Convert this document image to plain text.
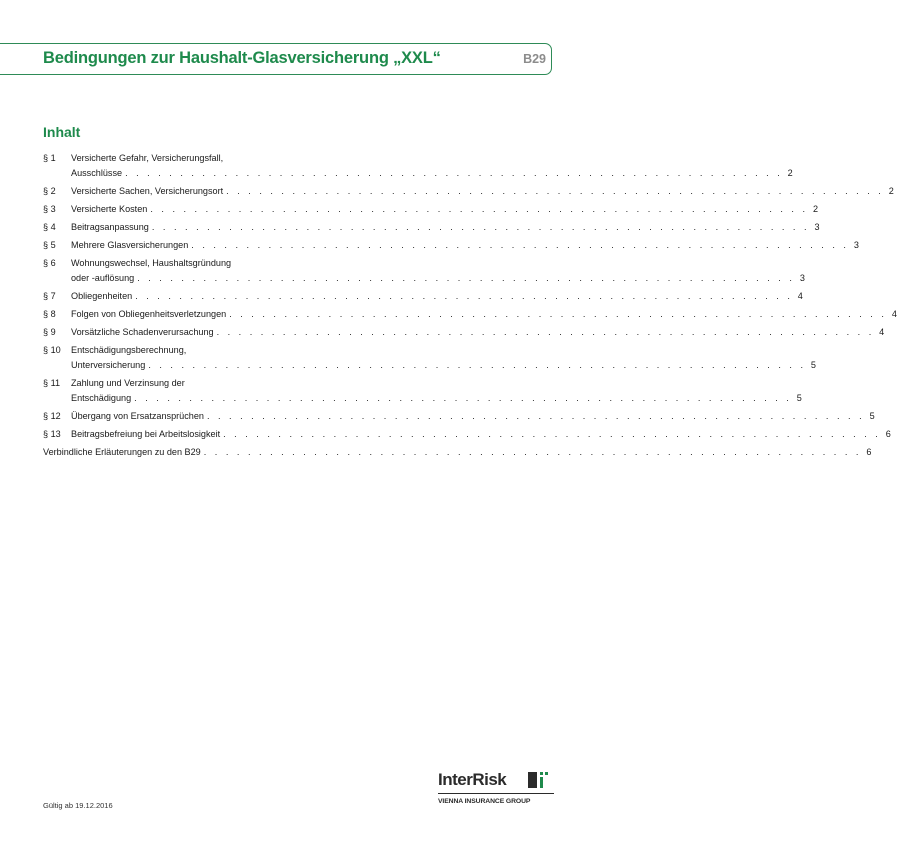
Bedingungen zur Haushalt-Glasversicherung „XXL“	B29
Inhalt
§ 1	Versicherte Gefahr, Versicherungsfall,
Ausschlüsse . . .	2
§ 2	Versicherte Sachen, Versicherungsort . . .	2
§ 3	Versicherte Kosten . . .	2
§ 4	Beitragsanpassung . . .	3
§ 5	Mehrere Glasversicherungen . . .	3
§ 6	Wohnungswechsel, Haushaltsgründung
oder -auflösung . . .	3
§ 7	Obliegenheiten . . .	4
§ 8	Folgen von Obliegenheitsverletzungen . . .	4
§ 9	Vorsätzliche Schadenverursachung . . .	4
§ 10	Entschädigungsberechnung,
Unterversicherung . . .	5
§ 11	Zahlung und Verzinsung der
Entschädigung . . .	5
§ 12	Übergang von Ersatzansprüchen . . .	5
§ 13	Beitragsbefreiung bei Arbeitslosigkeit . . .	6
Verbindliche Erläuterungen zu den B29 . . .	6
Gültig ab 19.12.2016
InterRisk
VIENNA INSURANCE GROUP
